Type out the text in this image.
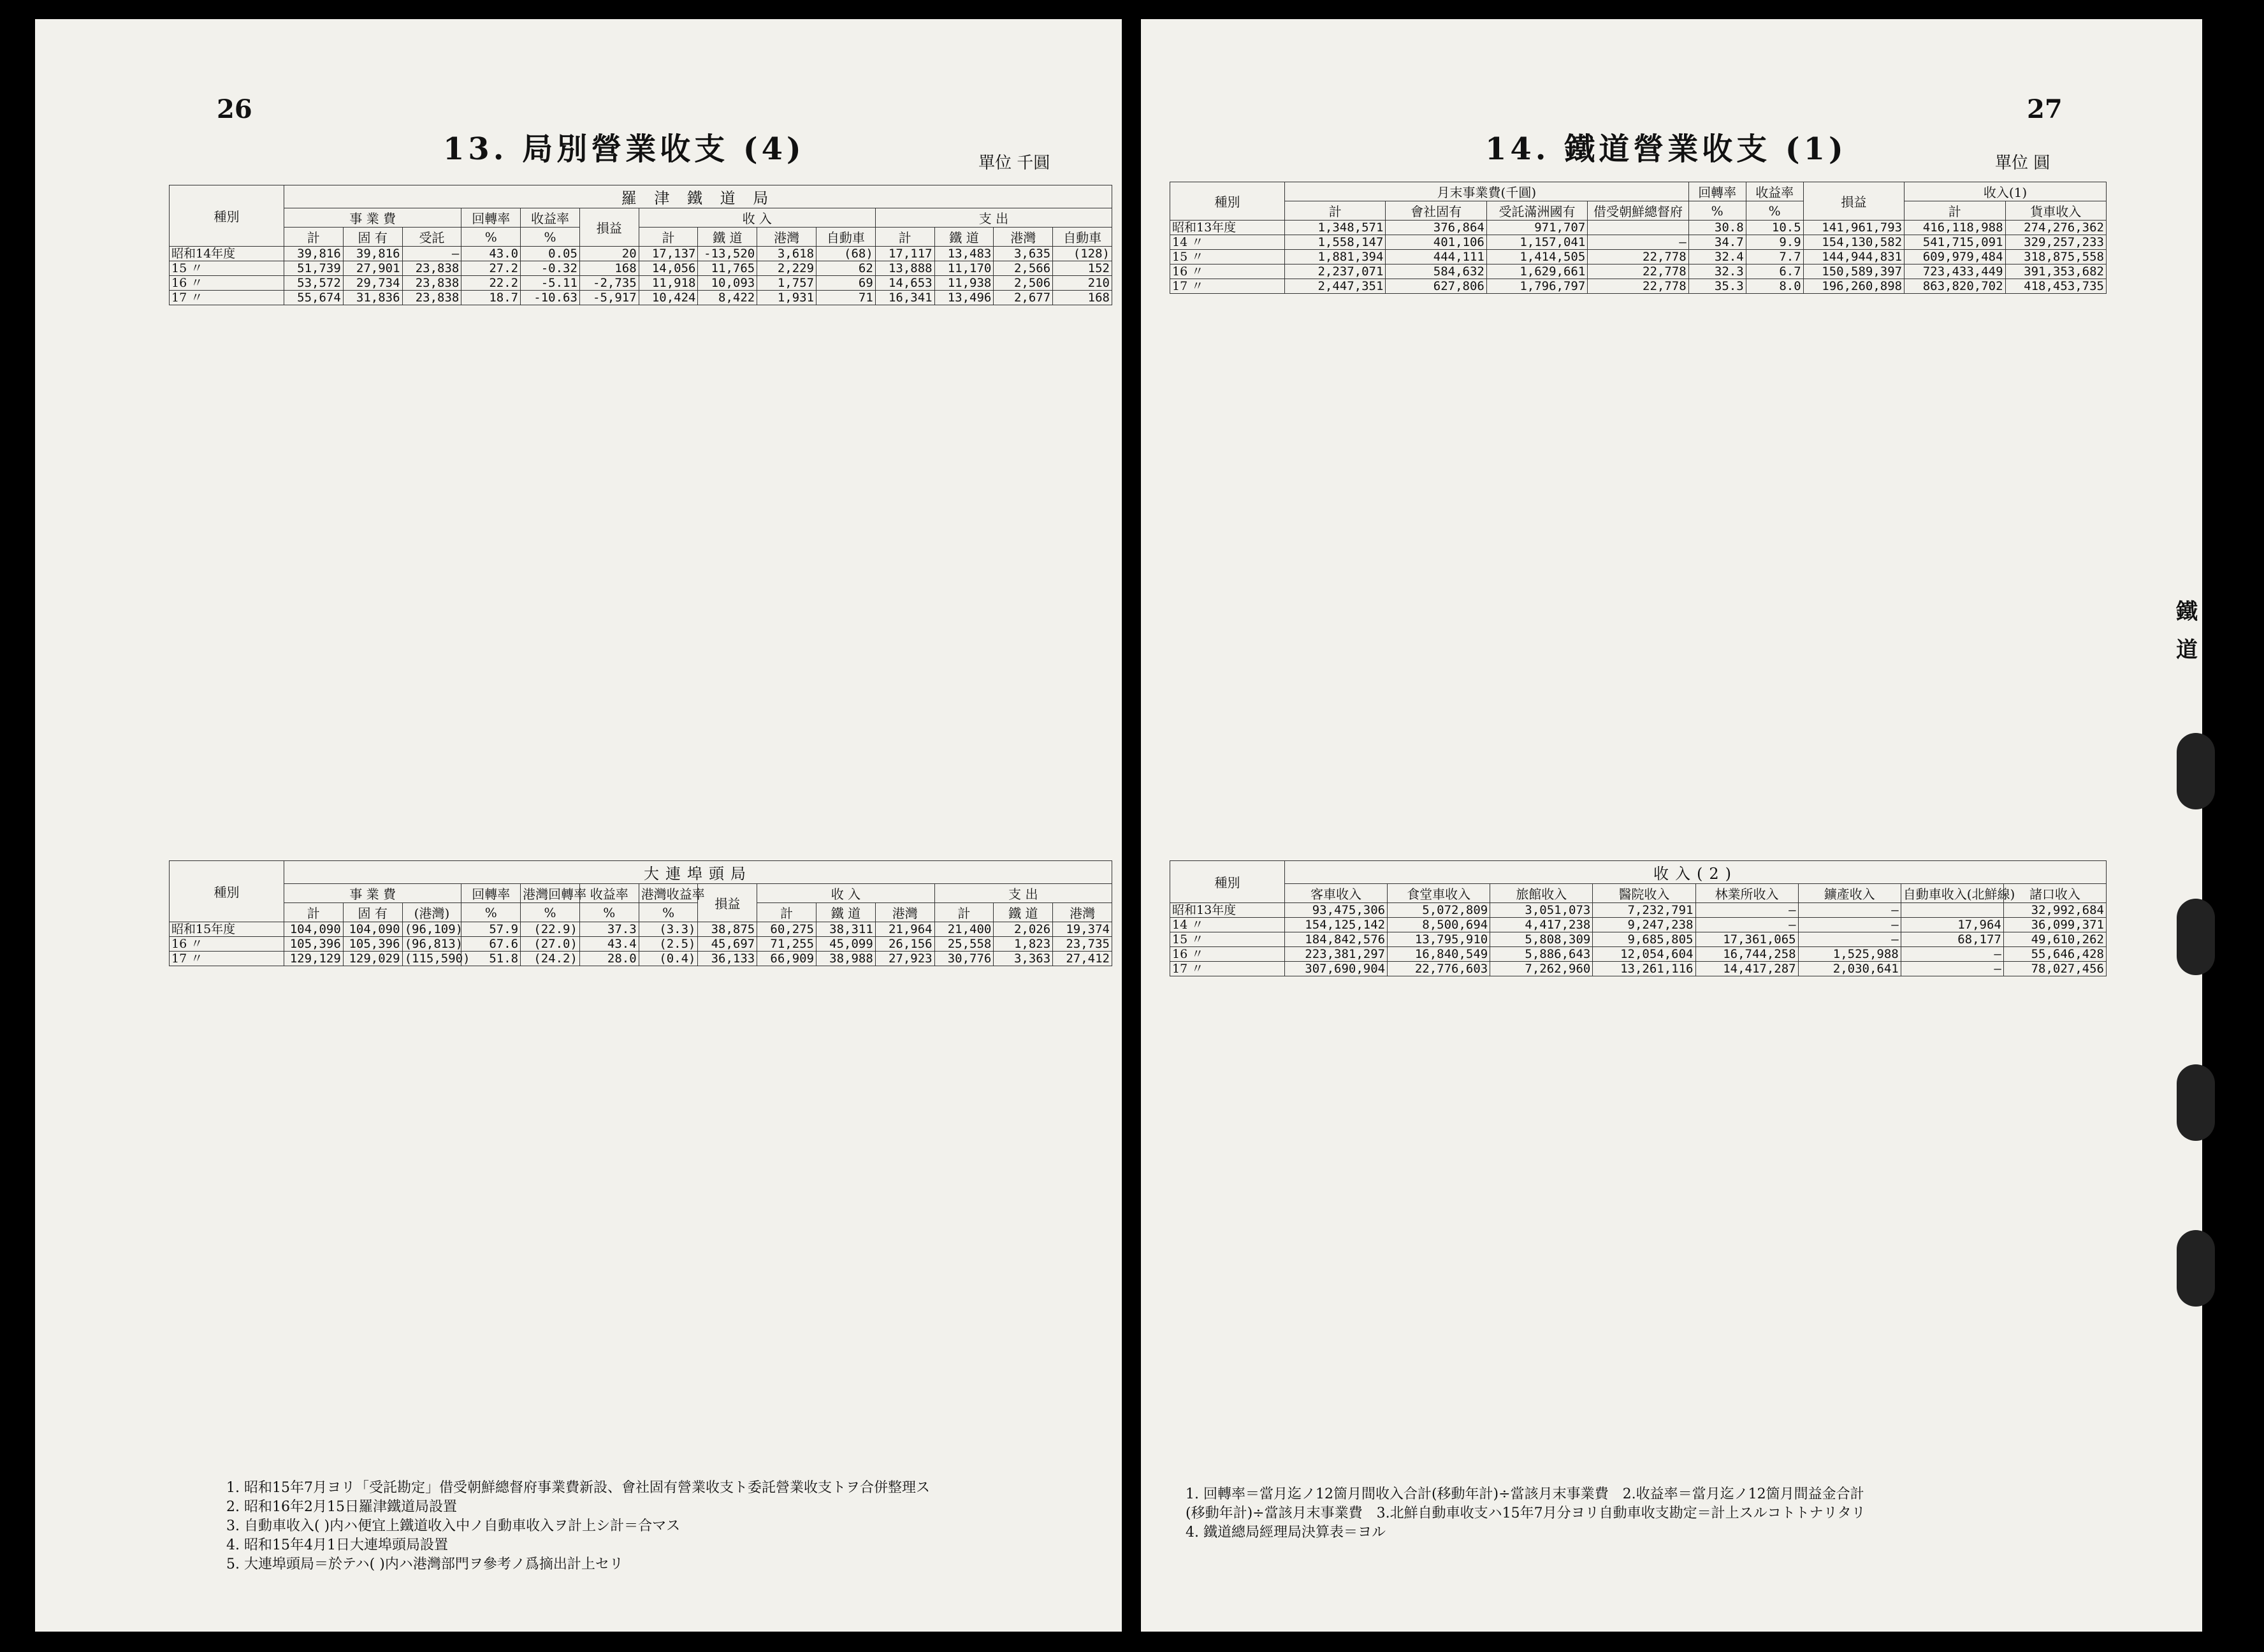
26
13. 局別營業收支 (4)	單位 千圓
種別	羅 津 鐵 道 局													
	事 業 費			回轉率	收益率	損益	收 入				支 出			
	計	固 有	受託	%	%		計	鐵 道	港灣	自動車	計	鐵 道	港灣	自動車
昭和14年度	39,816	39,816	—	43.0	0.05	20	17,137	-13,520	3,618	(68)	17,117	13,483	3,635	(128)
15 〃	51,739	27,901	23,838	27.2	-0.32	168	14,056	11,765	2,229	62	13,888	11,170	2,566	152
16 〃	53,572	29,734	23,838	22.2	-5.11	-2,735	11,918	10,093	1,757	69	14,653	11,938	2,506	210
17 〃	55,674	31,836	23,838	18.7	-10.63	-5,917	10,424	8,422	1,931	71	16,341	13,496	2,677	168
種別	大連埠頭局													
	事 業 費			回轉率	港灣回轉率	收益率	港灣收益率	損益	收 入			支 出		
	計	固 有	(港灣)	%	%	%	%		計	鐵 道	港灣	計	鐵 道	港灣
昭和15年度	104,090	104,090	(96,109)	57.9	(22.9)	37.3	(3.3)	38,875	60,275	38,311	21,964	21,400	2,026	19,374
16 〃	105,396	105,396	(96,813)	67.6	(27.0)	43.4	(2.5)	45,697	71,255	45,099	26,156	25,558	1,823	23,735
17 〃	129,129	129,029	(115,590)	51.8	(24.2)	28.0	(0.4)	36,133	66,909	38,988	27,923	30,776	3,363	27,412
1. 昭和15年7月ヨリ「受託勘定」借受朝鮮總督府事業費新設、會社固有營業收支ト委託營業收支トヲ合併整理ス
2. 昭和16年2月15日羅津鐵道局設置
3. 自動車收入( )内ハ便宜上鐵道收入中ノ自動車收入ヲ計上シ計＝合マス
4. 昭和15年4月1日大連埠頭局設置
5. 大連埠頭局＝於テハ( )内ハ港灣部門ヲ參考ノ爲摘出計上セリ
27
14. 鐵道營業收支 (1)	單位 圓
種別	月末事業費(千圓)				回轉率	收益率	損益	收入(1)	
	計	會社固有	受託滿洲國有	借受朝鮮總督府	%	%		計	貨車收入
昭和13年度	1,348,571	376,864	971,707		30.8	10.5	141,961,793	416,118,988	274,276,362
14 〃	1,558,147	401,106	1,157,041	—	34.7	9.9	154,130,582	541,715,091	329,257,233
15 〃	1,881,394	444,111	1,414,505	22,778	32.4	7.7	144,944,831	609,979,484	318,875,558
16 〃	2,237,071	584,632	1,629,661	22,778	32.3	6.7	150,589,397	723,433,449	391,353,682
17 〃	2,447,351	627,806	1,796,797	22,778	35.3	8.0	196,260,898	863,820,702	418,453,735
種別	收入(2)							
	客車收入	食堂車收入	旅館收入	醫院收入	林業所收入	鑛產收入	自動車收入(北鮮線)	諸口收入
昭和13年度	93,475,306	5,072,809	3,051,073	7,232,791	—	—		32,992,684
14 〃	154,125,142	8,500,694	4,417,238	9,247,238	—	—	17,964	36,099,371
15 〃	184,842,576	13,795,910	5,808,309	9,685,805	17,361,065	—	68,177	49,610,262
16 〃	223,381,297	16,840,549	5,886,643	12,054,604	16,744,258	1,525,988	—	55,646,428
17 〃	307,690,904	22,776,603	7,262,960	13,261,116	14,417,287	2,030,641	—	78,027,456
1. 回轉率＝當月迄ノ12箇月間收入合計(移動年計)÷當該月末事業費　2.收益率＝當月迄ノ12箇月間益金合計
(移動年計)÷當該月末事業費　3.北鮮自動車收支ハ15年7月分ヨリ自動車收支勘定＝計上スルコトトナリタリ
4. 鐵道總局經理局決算表＝ヨル
鐵道
